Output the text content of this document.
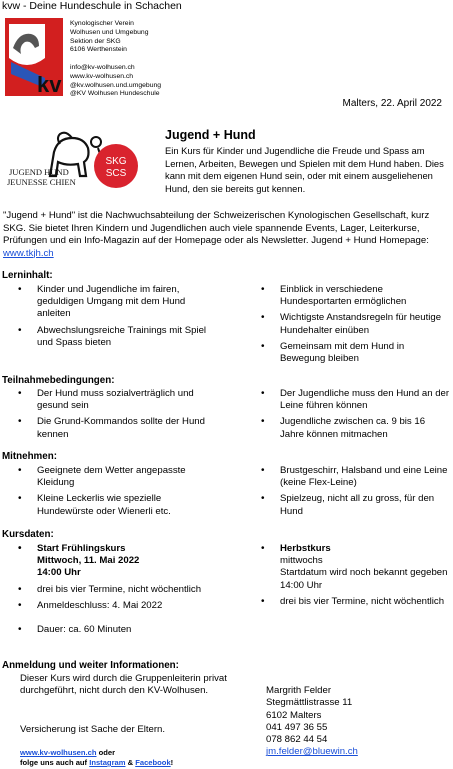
kvw - Deine Hundeschule in Schachen
kv
Kynologischer Verein
Wolhusen und Umgebung
Sektion der SKG
6106 Werthenstein
info@kv-wolhusen.ch
www.kv-wolhusen.ch
@kv.wolhusen.und.umgebung
@KV Wolhusen Hundeschule
Malters, 22. April 2022
SKG
SCS
JUGEND HUND
JEUNESSE CHIEN
Jugend + Hund
Ein Kurs für Kinder und Jugendliche die Freude und Spass am Lernen, Arbeiten, Bewegen und Spielen mit dem Hund haben. Dies kann mit dem eigenen Hund sein, oder mit einem ausgeliehenen Hund, den sie bereits gut kennen.
"Jugend + Hund" ist die Nachwuchsabteilung der Schweizerischen Kynologischen Gesellschaft, kurz SKG. Sie bietet Ihren Kindern und Jugendlichen auch viele spannende Events, Lager, Leiterkurse, Prüfungen und ein Info-Magazin auf der Homepage oder als Newsletter. Jugend + Hund Homepage: www.tkjh.ch
Lerninhalt:
• Kinder und Jugendliche im fairen, geduldigen Umgang mit dem Hund anleiten
• Abwechslungsreiche Trainings mit Spiel und Spass bieten
• Einblick in verschiedene Hundesportarten ermöglichen
• Wichtigste Anstandsregeln für heutige Hundehalter einüben
• Gemeinsam mit dem Hund in Bewegung bleiben
Teilnahmebedingungen:
• Der Hund muss sozialverträglich und gesund sein
• Die Grund-Kommandos sollte der Hund kennen
• Der Jugendliche muss den Hund an der Leine führen können
• Jugendliche zwischen ca. 9 bis 16 Jahre können mitmachen
Mitnehmen:
• Geeignete dem Wetter angepasste Kleidung
• Kleine Leckerlis wie spezielle Hundewürste oder Wienerli etc.
• Brustgeschirr, Halsband und eine Leine (keine Flex-Leine)
• Spielzeug, nicht all zu gross, für den Hund
Kursdaten:
• Start Frühlingskurs
Mittwoch, 11. Mai 2022
14:00 Uhr
• drei bis vier Termine, nicht wöchentlich
• Anmeldeschluss: 4. Mai 2022
• Dauer: ca. 60 Minuten
• Herbstkurs
mittwochs
Startdatum wird noch bekannt gegeben
14:00 Uhr
• drei bis vier Termine, nicht wöchentlich
Anmeldung und weiter Informationen:
Dieser Kurs wird durch die Gruppenleiterin privat durchgeführt, nicht durch den KV-Wolhusen.
Versicherung ist Sache der Eltern.
Margrith Felder
Stegmättlistrasse 11
6102 Malters
041 497 36 55
078 862 44 54
jm.felder@bluewin.ch
www.kv-wolhusen.ch oder
folge uns auch auf Instagram & Facebook!
